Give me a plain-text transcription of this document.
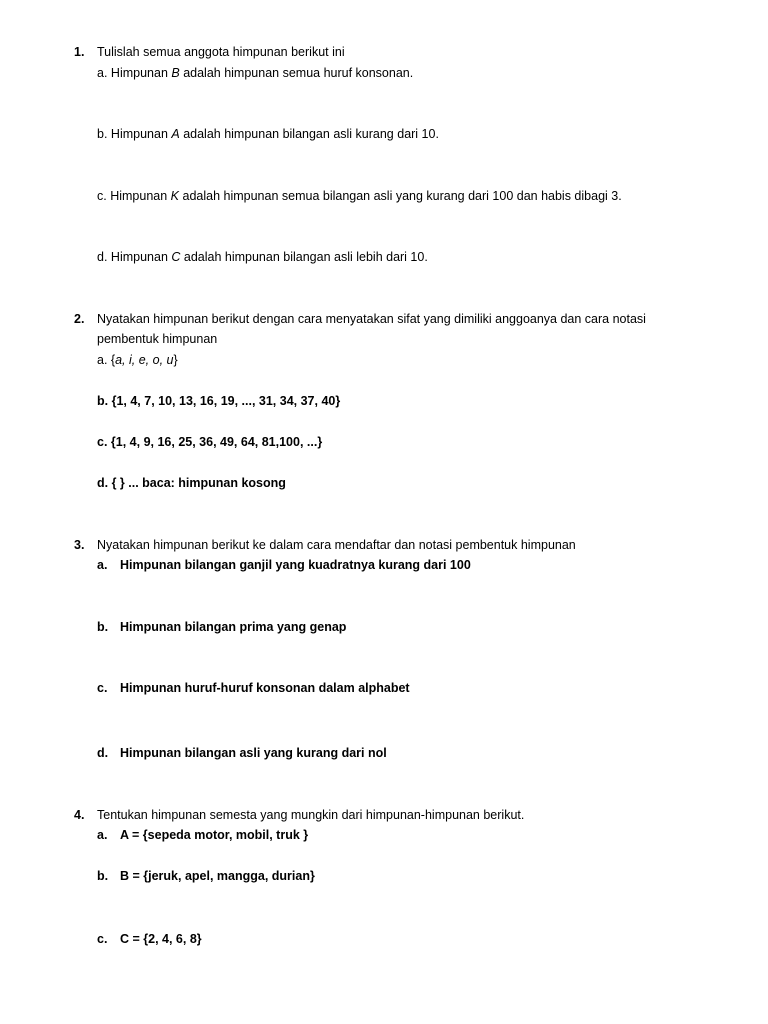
1. Tulislah semua anggota himpunan berikut ini
a. Himpunan B adalah himpunan semua huruf konsonan.
b. Himpunan A adalah himpunan bilangan asli kurang dari 10.
c. Himpunan K adalah himpunan semua bilangan asli yang kurang dari 100 dan habis dibagi 3.
d. Himpunan C adalah himpunan bilangan asli lebih dari 10.
2. Nyatakan himpunan berikut dengan cara menyatakan sifat yang dimiliki anggoanya dan cara notasi
pembentuk himpunan
a. {a, i, e, o, u}
b. {1, 4, 7, 10, 13, 16, 19, ..., 31, 34, 37, 40}
c. {1, 4, 9, 16, 25, 36, 49, 64, 81,100, ...}
d. { } ... baca: himpunan kosong
3. Nyatakan himpunan berikut ke dalam cara mendaftar dan notasi pembentuk himpunan
a. Himpunan bilangan ganjil yang kuadratnya kurang dari 100
b. Himpunan bilangan prima yang genap
c. Himpunan huruf-huruf konsonan dalam alphabet
d. Himpunan bilangan asli yang kurang dari nol
4. Tentukan himpunan semesta yang mungkin dari himpunan-himpunan berikut.
a. A = {sepeda motor, mobil, truk }
b. B = {jeruk, apel, mangga, durian}
c. C = {2, 4, 6, 8}
